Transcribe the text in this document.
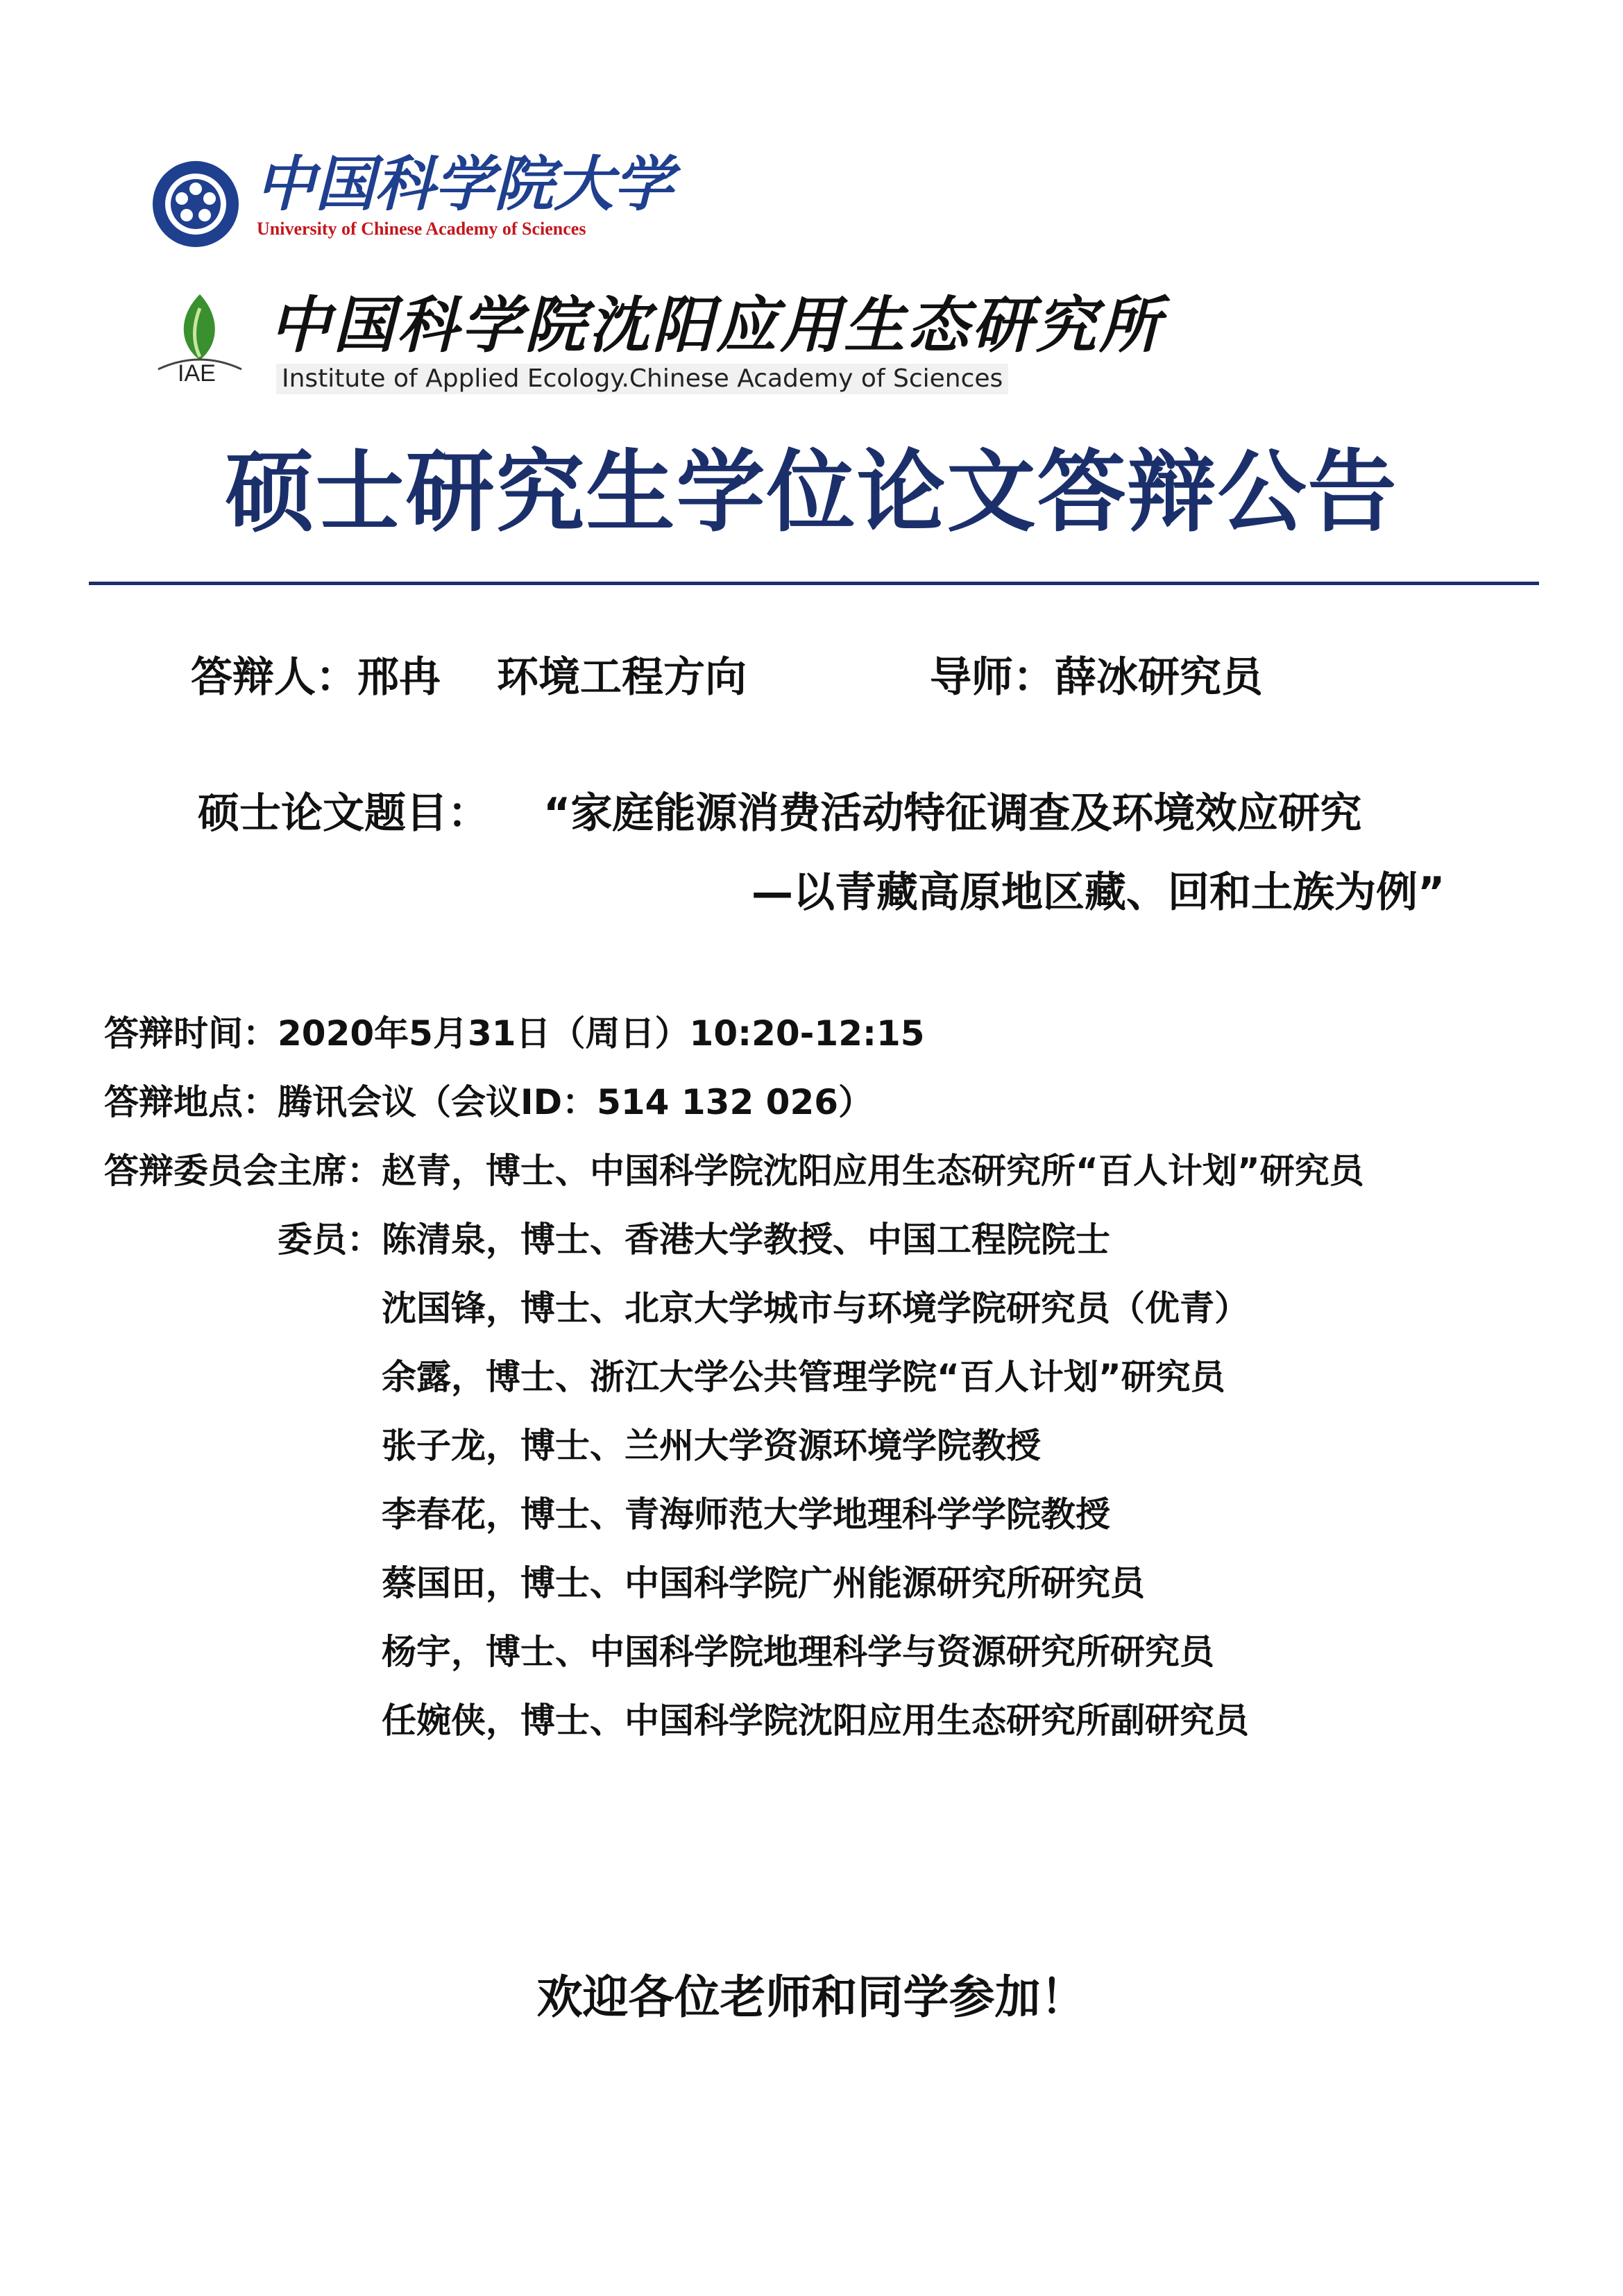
中国科学院大学
University of Chinese Academy of Sciences
IAE
中国科学院沈阳应用生态研究所
Institute of Applied Ecology.Chinese Academy of Sciences
硕士研究生学位论文答辩公告
答辩人：邢冉 环境工程方向	导师：薛冰研究员
硕士论文题目： “家庭能源消费活动特征调查及环境效应研究
—以青藏高原地区藏、回和土族为例”
答辩时间：2020年5月31日（周日）10:20-12:15
答辩地点：腾讯会议（会议ID：514 132 026）
答辩委员会主席： 赵青，博士、中国科学院沈阳应用生态研究所“百人计划”研究员
委员： 陈清泉，博士、香港大学教授、中国工程院院士
沈国锋，博士、北京大学城市与环境学院研究员（优青）
余露，博士、浙江大学公共管理学院“百人计划”研究员
张子龙，博士、兰州大学资源环境学院教授
李春花，博士、青海师范大学地理科学学院教授
蔡国田，博士、中国科学院广州能源研究所研究员
杨宇，博士、中国科学院地理科学与资源研究所研究员
任婉侠，博士、中国科学院沈阳应用生态研究所副研究员
欢迎各位老师和同学参加！
